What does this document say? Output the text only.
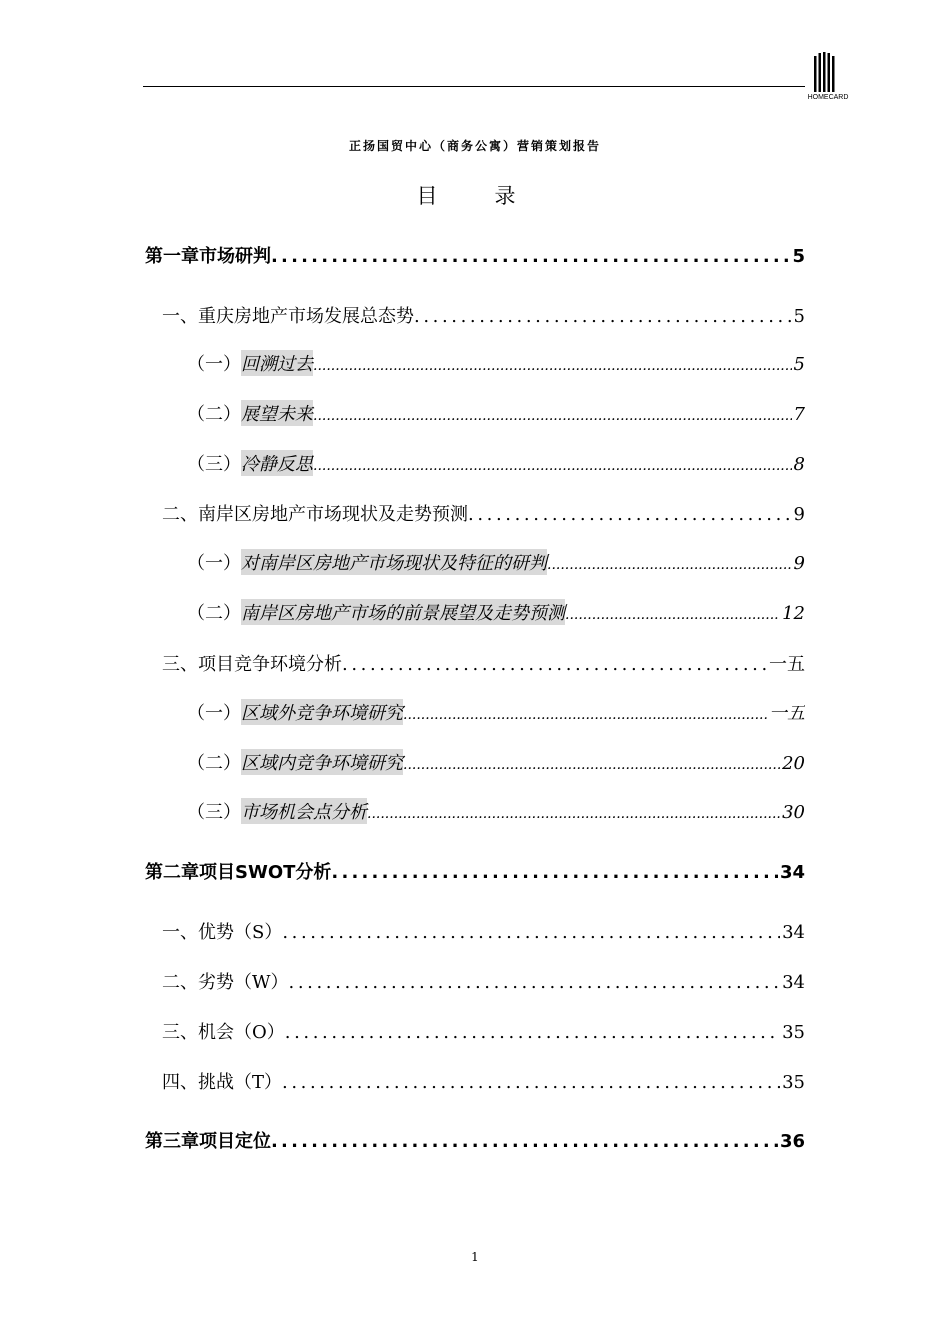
HOMECARD
正扬国贸中心（商务公寓）营销策划报告
目　录
第一章 市场研判 .....	5
一、 重庆房地产市场发展总态势 .....	5
（一） 回溯过去 .....	5
（二） 展望未来 .....	7
（三） 冷静反思 .....	8
二、 南岸区房地产市场现状及走势预测 .....	9
（一） 对南岸区房地产市场现状及特征的研判 .....	9
（二） 南岸区房地产市场的前景展望及走势预测 .....	12
三、 项目竞争环境分析 .....	一五
（一） 区域外竞争环境研究 .....	一五
（二） 区域内竞争环境研究 .....	20
（三） 市场机会点分析 .....	30
第二章 项目SWOT分析 .....	34
一、 优势（S） .....	34
二、 劣势（W） .....	34
三、 机会（O） .....	35
四、 挑战（T） .....	35
第三章 项目定位 .....	36
1
